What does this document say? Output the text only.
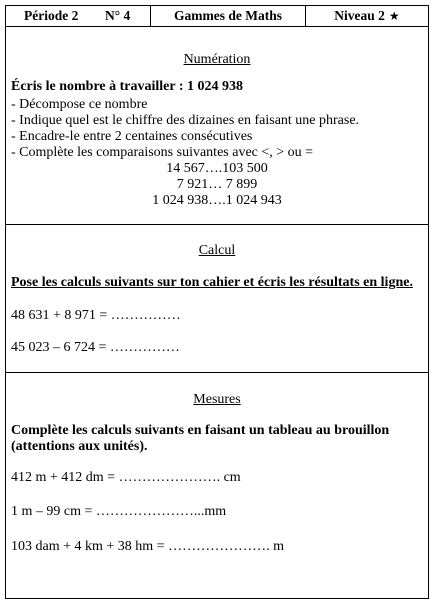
Période 2	N° 4	Gammes de Maths	Niveau 2 ★
Numération
Écris le nombre à travailler : 1 024 938
- Décompose ce nombre
- Indique quel est le chiffre des dizaines en faisant une phrase.
- Encadre-le entre 2 centaines consécutives
- Complète les comparaisons suivantes avec <, > ou =
14 567….103 500
7 921… 7 899
1 024 938….1 024 943
Calcul
Pose les calculs suivants sur ton cahier et écris les résultats en ligne.
48 631 + 8 971 = ……………
45 023 – 6 724 = ……………
Mesures
Complète les calculs suivants en faisant un tableau au brouillon
(attentions aux unités).
412 m + 412 dm = …………………. cm
1 m – 99 cm = …………………...mm
103 dam + 4 km + 38 hm = …………………. m
